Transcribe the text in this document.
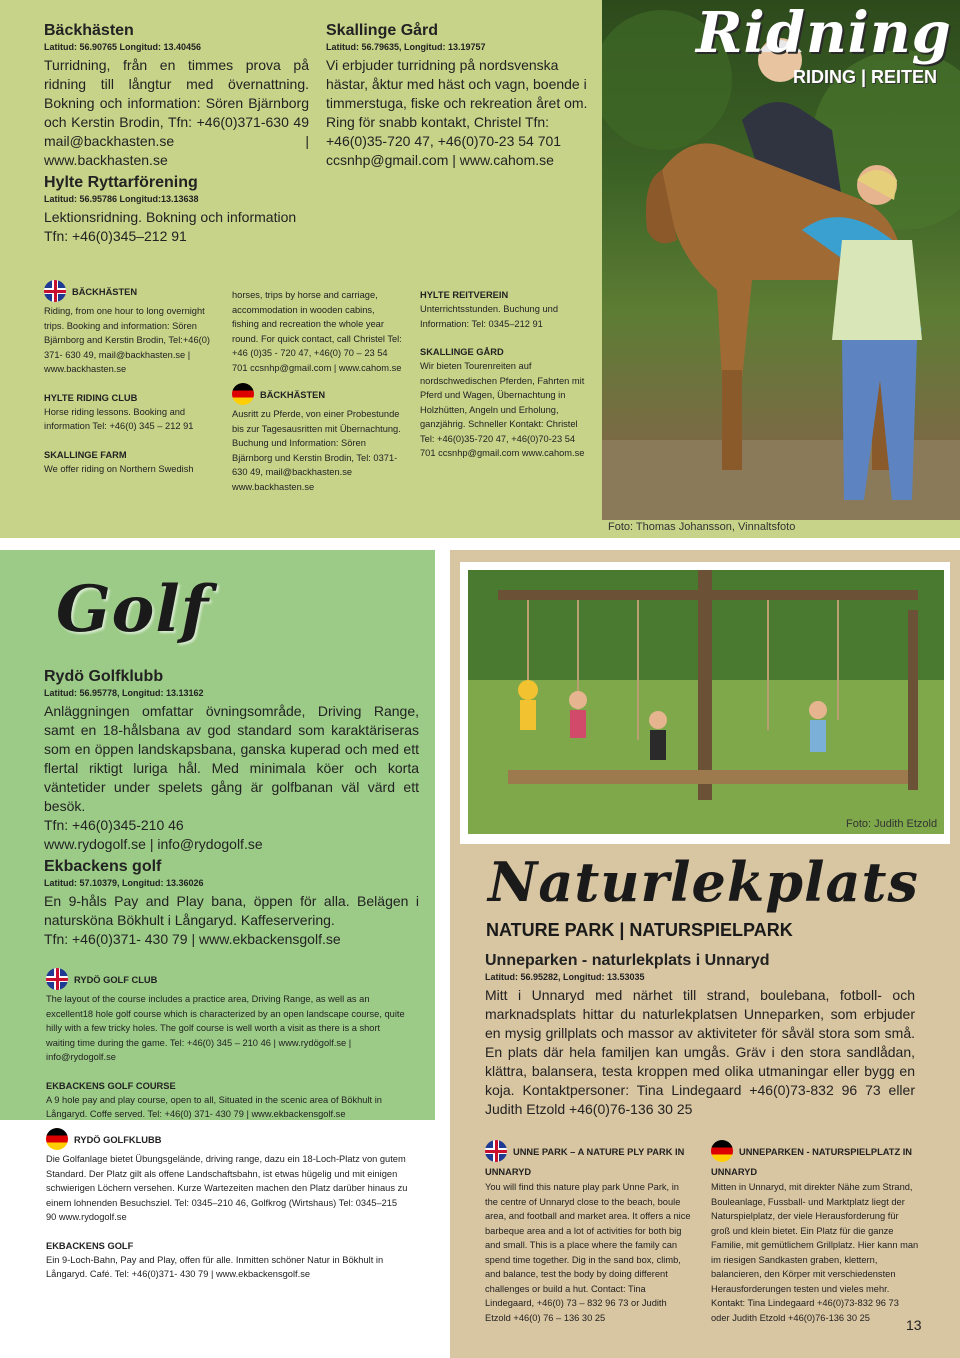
Bäckhästen
Latitud: 56.90765 Longitud: 13.40456
Turridning, från en timmes prova på ridning till långtur med övernattning. Bokning och information: Sören Bjärnborg och Kerstin Brodin, Tfn: +46(0)371-630 49 mail@backhasten.se | www.backhasten.se
Hylte Ryttarförening
Latitud: 56.95786 Longitud:13.13638
Lektionsridning. Bokning och information Tfn: +46(0)345–212 91
Skallinge Gård
Latitud: 56.79635, Longitud: 13.19757
Vi erbjuder turridning på nordsvenska hästar, åktur med häst och vagn, boende i timmerstuga, fiske och rekreation året om. Ring för snabb kontakt, Christel Tfn: +46(0)35-720 47, +46(0)70-23 54 701 ccsnhp@gmail.com | www.cahom.se
BÄCKHÄSTEN
Riding, from one hour to long overnight trips. Booking and information: Sören Bjärnborg and Kerstin Brodin, Tel:+46(0) 371- 630 49, mail@backhasten.se | www.backhasten.se
HYLTE RIDING CLUB
Horse riding lessons. Booking and information Tel: +46(0) 345 – 212 91
SKALLINGE FARM
We offer riding on Northern Swedish
horses, trips by horse and carriage, accommodation in wooden cabins, fishing and recreation the whole year round. For quick contact, call Christel Tel: +46 (0)35 - 720 47, +46(0) 70 – 23 54 701 ccsnhp@gmail.com | www.cahom.se
BÄCKHÄSTEN
Ausritt zu Pferde, von einer Probestunde bis zur Tagesausritten mit Übernachtung. Buchung und Information: Sören Bjärnborg und Kerstin Brodin, Tel: 0371-630 49, mail@backhasten.se www.backhasten.se
HYLTE REITVEREIN
Unterrichtsstunden. Buchung und Information: Tel: 0345–212 91
SKALLINGE GÅRD
Wir bieten Tourenreiten auf nordschwedischen Pferden, Fahrten mit Pferd und Wagen, Übernachtung in Holzhütten, Angeln und Erholung, ganzjährig. Schneller Kontakt: Christel Tel: +46(0)35-720 47, +46(0)70-23 54 701 ccsnhp@gmail.com www.cahom.se
Foto: Thomas Johansson, Vinnaltsfoto
Ridning
RIDING | REITEN
Golf
Rydö Golfklubb
Latitud: 56.95778, Longitud: 13.13162
Anläggningen omfattar övningsområde, Driving Range, samt en 18-hålsbana av god standard som karaktäriseras som en öppen landskapsbana, ganska kuperad och med ett flertal riktigt luriga hål. Med minimala köer och korta väntetider under spelets gång är golfbanan väl värd ett besök.
Tfn: +46(0)345-210 46
www.rydogolf.se | info@rydogolf.se
Ekbackens golf
Latitud: 57.10379, Longitud: 13.36026
En 9-håls Pay and Play bana, öppen för alla. Belägen i natursköna Bökhult i Långaryd. Kaffeservering.
Tfn: +46(0)371- 430 79 | www.ekbackensgolf.se
RYDÖ GOLF CLUB
The layout of the course includes a practice area, Driving Range, as well as an excellent18 hole golf course which is characterized by an open landscape course, quite hilly with a few tricky holes. The golf course is well worth a visit as there is a short waiting time during the game. Tel: +46(0) 345 – 210 46 | www.rydögolf.se | info@rydogolf.se
EKBACKENS GOLF COURSE
A 9 hole pay and play course, open to all, Situated in the scenic area of Bökhult in Långaryd. Coffe served. Tel: +46(0) 371- 430 79 | www.ekbackensgolf.se
RYDÖ GOLFKLUBB
Die Golfanlage bietet Übungsgelände, driving range, dazu ein 18-Loch-Platz von gutem Standard. Der Platz gilt als offene Landschaftsbahn, ist etwas hügelig und mit einigen schwierigen Löchern versehen. Kurze Wartezeiten machen den Platz darüber hinaus zu einem lohnenden Besuchsziel. Tel: 0345–210 46, Golfkrog (Wirtshaus) Tel: 0345–215 90 www.rydogolf.se
EKBACKENS GOLF
Ein 9-Loch-Bahn, Pay and Play, offen für alle. Inmitten schöner Natur in Bökhult in Långaryd. Café. Tel: +46(0)371- 430 79 | www.ekbackensgolf.se
Foto: Judith Etzold
Naturlekplats
NATURE PARK | NATURSPIELPARK
Unneparken - naturlekplats i Unnaryd
Latitud: 56.95282, Longitud: 13.53035
Mitt i Unnaryd med närhet till strand, boulebana, fotboll- och marknadsplats hittar du naturlekplatsen Unneparken, som erbjuder en mysig grillplats och massor av aktiviteter för såväl stora som små. En plats där hela familjen kan umgås. Gräv i den stora sandlådan, klättra, balansera, testa kroppen med olika utmaningar eller bygg en koja. Kontaktpersoner: Tina Lindegaard +46(0)73-832 96 73 eller Judith Etzold +46(0)76-136 30 25
UNNE PARK – A NATURE PLY PARK IN UNNARYD
You will find this nature play park Unne Park, in the centre of Unnaryd close to the beach, boule area, and football and market area. It offers a nice barbeque area and a lot of activities for both big and small. This is a place where the family can spend time together. Dig in the sand box, climb, and balance, test the body by doing different challenges or build a hut. Contact: Tina Lindegaard, +46(0) 73 – 832 96 73 or Judith Etzold +46(0) 76 – 136 30 25
UNNEPARKEN - NATURSPIELPLATZ IN UNNARYD
Mitten in Unnaryd, mit direkter Nähe zum Strand, Bouleanlage, Fussball- und Marktplatz liegt der Naturspielplatz, der viele Herausforderung für groß und klein bietet. Ein Platz für die ganze Familie, mit gemütlichem Grillplatz. Hier kann man im riesigen Sandkasten graben, klettern, balancieren, den Körper mit verschiedensten Herausforderungen testen und vieles mehr. Kontakt: Tina Lindegaard +46(0)73-832 96 73 oder Judith Etzold +46(0)76-136 30 25	13
